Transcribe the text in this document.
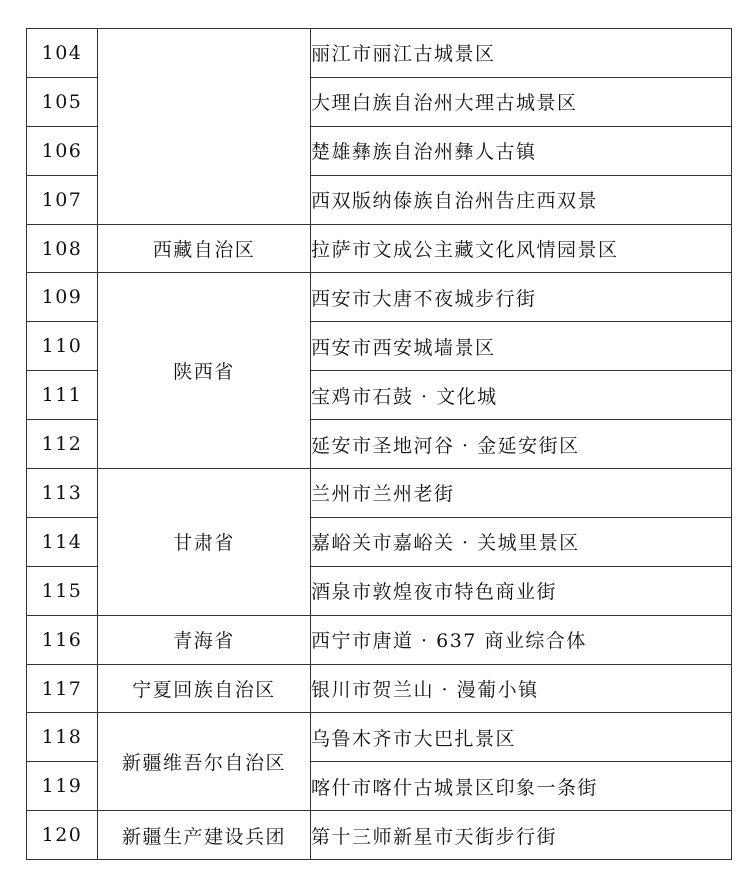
104		丽江市丽江古城景区
105		大理白族自治州大理古城景区
106		楚雄彝族自治州彝人古镇
107		西双版纳傣族自治州告庄西双景
108	西藏自治区	拉萨市文成公主藏文化风情园景区
109	陕西省	西安市大唐不夜城步行街
110		西安市西安城墙景区
111		宝鸡市石鼓 · 文化城
112		延安市圣地河谷 · 金延安街区
113	甘肃省	兰州市兰州老街
114		嘉峪关市嘉峪关 · 关城里景区
115		酒泉市敦煌夜市特色商业街
116	青海省	西宁市唐道 · 637 商业综合体
117	宁夏回族自治区	银川市贺兰山 · 漫葡小镇
118	新疆维吾尔自治区	乌鲁木齐市大巴扎景区
119		喀什市喀什古城景区印象一条街
120	新疆生产建设兵团	第十三师新星市天街步行街
